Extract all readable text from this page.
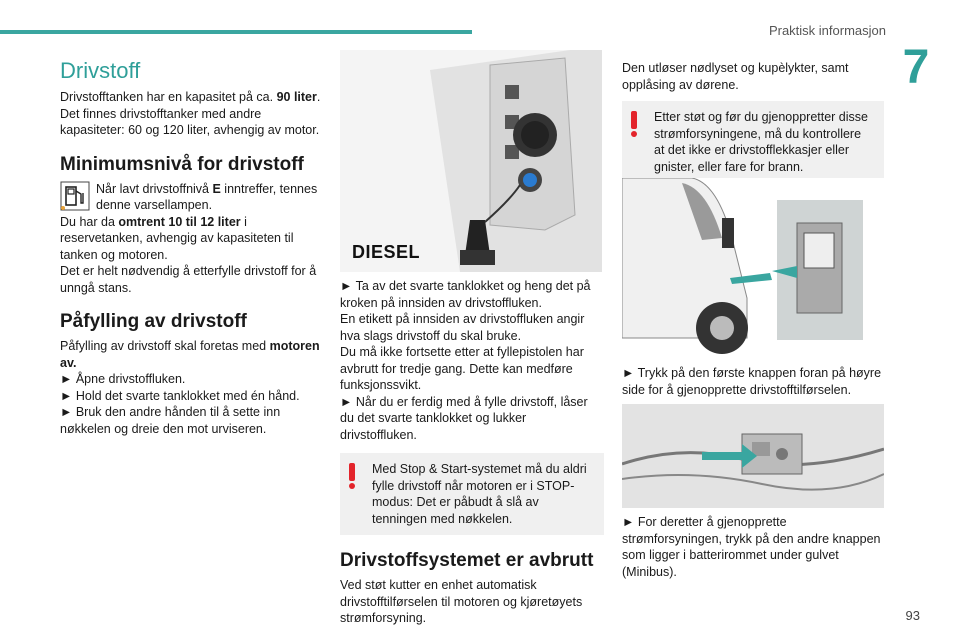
Praktisk informasjon
7
Drivstoff

Drivstofftanken har en kapasitet på ca. 90 liter.

Det finnes drivstofftanker med andre kapasiteter: 60 og 120 liter, avhengig av motor.

Minimumsnivå for drivstoff

Når lavt drivstoffnivå E inntreffer, tennes denne varsellampen.

Du har da omtrent 10 til 12 liter i reservetanken, avhengig av kapasiteten til tanken og motoren.

Det er helt nødvendig å etterfylle drivstoff for å unngå stans.

Påfylling av drivstoff

Påfylling av drivstoff skal foretas med motoren av.

► Åpne drivstoffluken.

► Hold det svarte tanklokket med én hånd.

► Bruk den andre hånden til å sette inn nøkkelen og dreie den mot urviseren.

DIESEL

► Ta av det svarte tanklokket og heng det på kroken på innsiden av drivstoffluken.

En etikett på innsiden av drivstoffluken angir hva slags drivstoff du skal bruke.

Du må ikke fortsette etter at fyllepistolen har avbrutt for tredje gang. Dette kan medføre funksjonssvikt.

► Når du er ferdig med å fylle drivstoff, låser du det svarte tanklokket og lukker drivstoffluken.

Med Stop & Start-systemet må du aldri fylle drivstoff når motoren er i STOP-modus: Det er påbudt å slå av tenningen med nøkkelen.

Drivstoffsystemet er avbrutt

Ved støt kutter en enhet automatisk drivstofftilførselen til motoren og kjøretøyets strømforsyning.

Den utløser nødlyset og kupèlykter, samt opplåsing av dørene.

Etter støt og før du gjenoppretter disse strømforsyningene, må du kontrollere at det ikke er drivstofflekkasjer eller gnister, eller fare for brann.

► Trykk på den første knappen foran på høyre side for å gjenopprette drivstofftilførselen.

► For deretter å gjenopprette strømforsyningen, trykk på den andre knappen som ligger i batterirommet under gulvet (Minibus).

93
